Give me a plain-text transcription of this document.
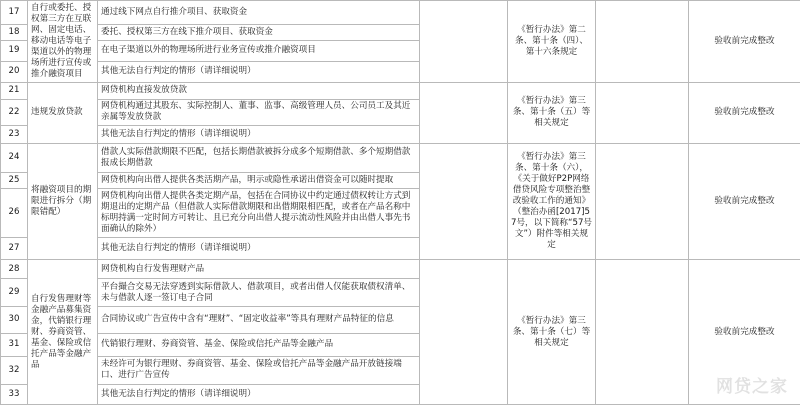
17	自行或委托、授权第三方在互联网、固定电话、移动电话等电子渠道以外的物理场所进行宣传或推介融资项目	通过线下网点自行推介项目、获取资金		《暂行办法》第二条、第十条（四）、第十六条规定		验收前完成整改
18		委托、授权第三方在线下推介项目、获取资金				
19		在电子渠道以外的物理场所进行业务宣传或推介融资项目				
20		其他无法自行判定的情形（请详细说明）				
21	违规发放贷款	网贷机构直接发放贷款		《暂行办法》第三条、第十条（五）等相关规定		验收前完成整改
22		网贷机构通过其股东、实际控制人、董事、监事、高级管理人员、公司员工及其近亲属等发放贷款				
23		其他无法自行判定的情形（请详细说明）				
24	将融资项目的期限进行拆分（期限错配）	借款人实际借款期限不匹配，包括长期借款被拆分成多个短期借款、多个短期借款报成长期借款		《暂行办法》第三条、第十条（六），《关于做好P2P网络借贷风险专项整治整改验收工作的通知》（整治办函[2017]57号，以下简称“57号文”）附件等相关规定		验收前完成整改
25		网贷机构向出借人提供各类活期产品，明示或隐性承诺出借资金可以随时提取				
26		网贷机构向出借人提供各类定期产品，包括在合同协议中约定通过债权转让方式到期退出的定期产品（但借款人实际借款期限和出借期限相匹配，或者在产品名称中标明持满一定时间方可转让、且已充分向出借人提示流动性风险并由出借人事先书面确认的除外）				
27		其他无法自行判定的情形（请详细说明）				
28	自行发售理财等金融产品募集资金，代销银行理财、券商资管、基金、保险或信托产品等金融产品	网贷机构自行发售理财产品		《暂行办法》第三条、第十条（七）等相关规定		验收前完成整改
29		平台撮合交易无法穿透到实际借款人、借款项目，或者出借人仅能获取债权清单、未与借款人逐一签订电子合同				
30		合同协议或广告宣传中含有“理财”、“固定收益率”等具有理财产品特征的信息				
31		代销银行理财、券商资管、基金、保险或信托产品等金融产品				
32		未经许可为银行理财、券商资管、基金、保险或信托产品等金融产品开放链接端口、进行广告宣传				
33		其他无法自行判定的情形（请详细说明）					网贷之家
